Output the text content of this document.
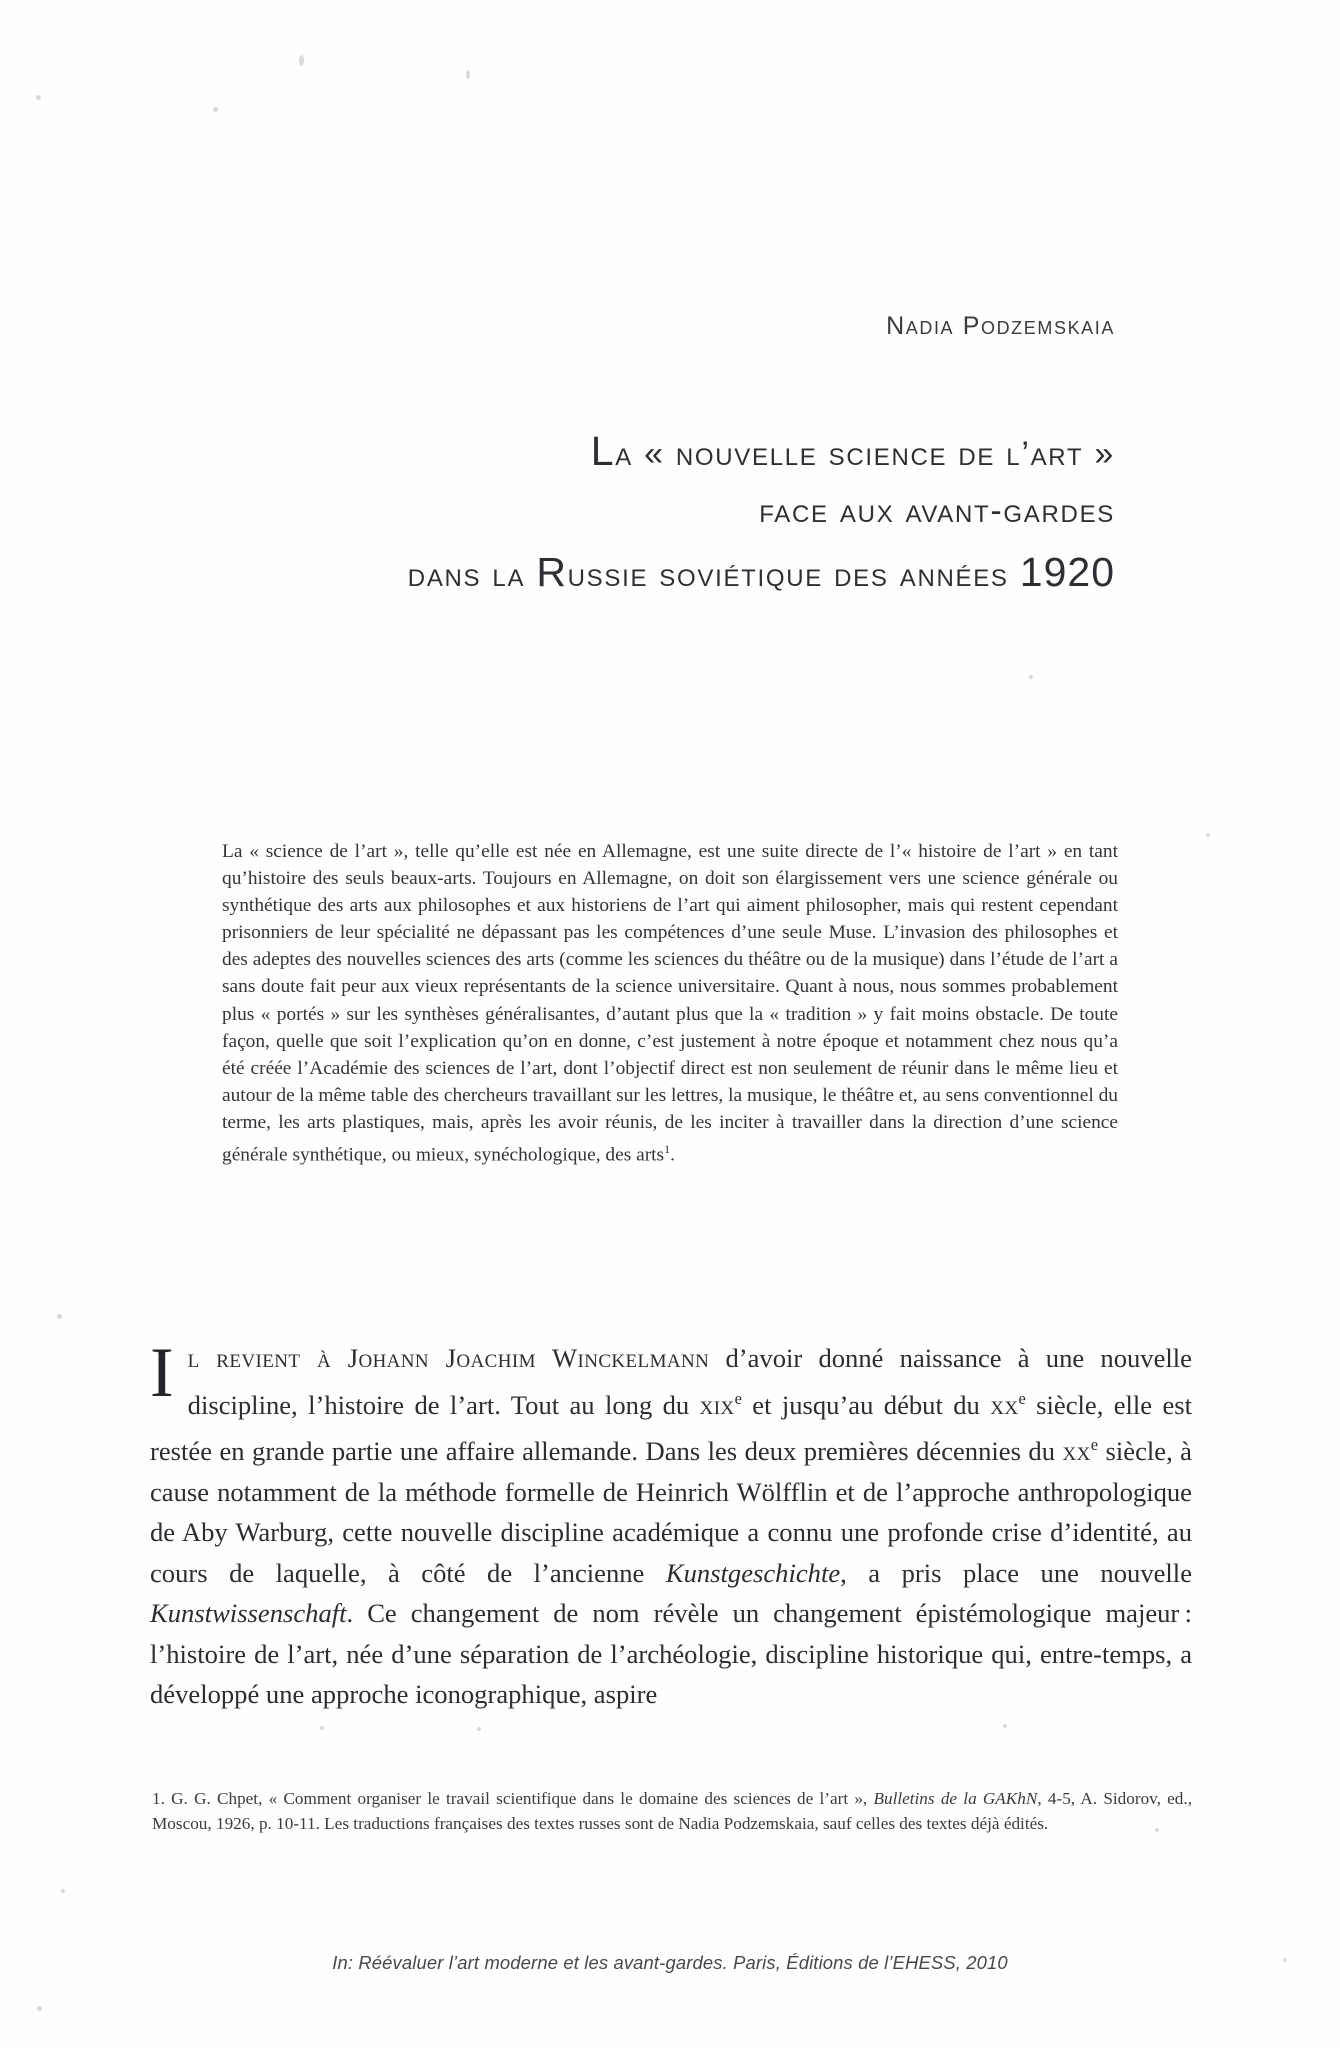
Nadia Podzemskaia
La « nouvelle science de l’art »
face aux avant-gardes
dans la Russie soviétique des années 1920

La « science de l’art », telle qu’elle est née en Allemagne, est une suite directe de l’« histoire de l’art » en tant qu’histoire des seuls beaux-arts. Toujours en Allemagne, on doit son élargissement vers une science générale ou synthétique des arts aux philosophes et aux historiens de l’art qui aiment philosopher, mais qui restent cependant prisonniers de leur spécialité ne dépassant pas les compétences d’une seule Muse. L’invasion des philosophes et des adeptes des nouvelles sciences des arts (comme les sciences du théâtre ou de la musique) dans l’étude de l’art a sans doute fait peur aux vieux représentants de la science universitaire. Quant à nous, nous sommes probablement plus « portés » sur les synthèses généralisantes, d’autant plus que la « tradition » y fait moins obstacle. De toute façon, quelle que soit l’explication qu’on en donne, c’est justement à notre époque et notamment chez nous qu’a été créée l’Académie des sciences de l’art, dont l’objectif direct est non seulement de réunir dans le même lieu et autour de la même table des chercheurs travaillant sur les lettres, la musique, le théâtre et, au sens conventionnel du terme, les arts plastiques, mais, après les avoir réunis, de les inciter à travailler dans la direction d’une science générale synthétique, ou mieux, synéchologique, des arts$^1$.

Il revient à Johann Joachim Winckelmann d’avoir donné naissance à une nouvelle discipline, l’histoire de l’art. Tout au long du xix$^e$ et jusqu’au début du $xx^e$ siècle, elle est restée en grande partie une affaire allemande. Dans les deux premières décennies du $xx^e$ siècle, à cause notamment de la méthode formelle de Heinrich Wölfflin et de l’approche anthropologique de Aby Warburg, cette nouvelle discipline académique a connu une profonde crise d’identité, au cours de laquelle, à côté de l’ancienne Kunstgeschichte, a pris place une nouvelle Kunstwissenschaft. Ce changement de nom révèle un changement épistémologique majeur : l’histoire de l’art, née d’une séparation de l’archéologie, discipline historique qui, entre-temps, a développé une approche iconographique, aspire

1. G. G. Chpet, « Comment organiser le travail scientifique dans le domaine des sciences de l’art », Bulletins de la GAKhN, 4-5, A. Sidorov, ed., Moscou, 1926, p. 10-11. Les traductions françaises des textes russes sont de Nadia Podzemskaia, sauf celles des textes déjà édités.

In: Réévaluer l’art moderne et les avant-gardes. Paris, Éditions de l’EHESS, 2010
